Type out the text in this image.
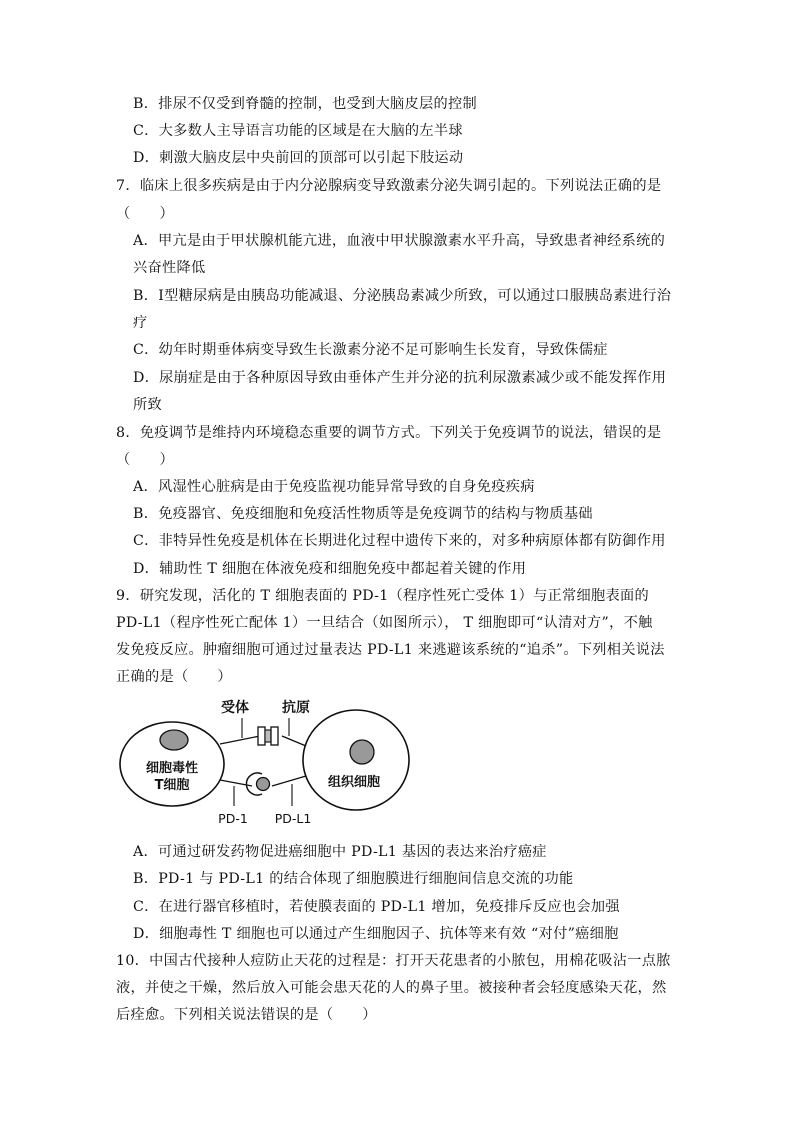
B．排尿不仅受到脊髓的控制，也受到大脑皮层的控制
C．大多数人主导语言功能的区域是在大脑的左半球
D．刺激大脑皮层中央前回的顶部可以引起下肢运动
7．临床上很多疾病是由于内分泌腺病变导致激素分泌失调引起的。下列说法正确的是
（　　）
A．甲亢是由于甲状腺机能亢进，血液中甲状腺激素水平升高，导致患者神经系统的
兴奋性降低
B．I型糖尿病是由胰岛功能减退、分泌胰岛素减少所致，可以通过口服胰岛素进行治
疗
C．幼年时期垂体病变导致生长激素分泌不足可影响生长发育，导致侏儒症
D．尿崩症是由于各种原因导致由垂体产生并分泌的抗利尿激素减少或不能发挥作用
所致
8．免疫调节是维持内环境稳态重要的调节方式。下列关于免疫调节的说法，错误的是
（　　）
A．风湿性心脏病是由于免疫监视功能异常导致的自身免疫疾病
B．免疫器官、免疫细胞和免疫活性物质等是免疫调节的结构与物质基础
C．非特异性免疫是机体在长期进化过程中遗传下来的，对多种病原体都有防御作用
D．辅助性 T 细胞在体液免疫和细胞免疫中都起着关键的作用
9．研究发现，活化的 T 细胞表面的 PD-1（程序性死亡受体 1）与正常细胞表面的
PD-L1（程序性死亡配体 1）一旦结合（如图所示）， T 细胞即可“认清对方”，不触
发免疫反应。肿瘤细胞可通过过量表达 PD-L1 来逃避该系统的“追杀”。下列相关说法
正确的是（　　）
A．可通过研发药物促进癌细胞中 PD-L1 基因的表达来治疗癌症
B．PD-1 与 PD-L1 的结合体现了细胞膜进行细胞间信息交流的功能
C．在进行器官移植时，若使膜表面的 PD-L1 增加，免疫排斥反应也会加强
D．细胞毒性 T 细胞也可以通过产生细胞因子、抗体等来有效 “对付”癌细胞
10．中国古代接种人痘防止天花的过程是：打开天花患者的小脓包，用棉花吸沾一点脓
液，并使之干燥，然后放入可能会患天花的人的鼻子里。被接种者会轻度感染天花，然
后痊愈。下列相关说法错误的是（　　）
细胞毒性
T细胞	组织细胞
受体 抗原
PD-1 PD-L1
